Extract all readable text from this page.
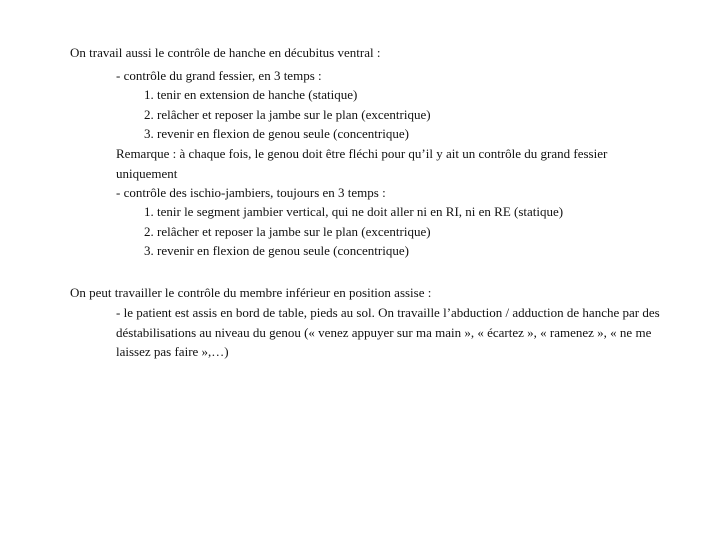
On travail aussi le contrôle de hanche en décubitus ventral :
- contrôle du grand fessier, en 3 temps :
1. tenir en extension de hanche (statique)
2. relâcher et reposer la jambe sur le plan (excentrique)
3. revenir en flexion de genou seule (concentrique)
Remarque : à chaque fois, le genou doit être fléchi pour qu’il y ait un contrôle du grand fessier uniquement
- contrôle des ischio-jambiers, toujours en 3 temps :
1. tenir le segment jambier vertical, qui ne doit aller ni en RI, ni en RE (statique)
2. relâcher et reposer la jambe sur le plan (excentrique)
3. revenir en flexion de genou seule (concentrique)
On peut travailler le contrôle du membre inférieur en position assise :
- le patient est assis en bord de table, pieds au sol. On travaille l’abduction / adduction de hanche par des déstabilisations au niveau du genou (« venez appuyer sur ma main », « écartez », « ramenez », « ne me laissez pas faire »,…)
